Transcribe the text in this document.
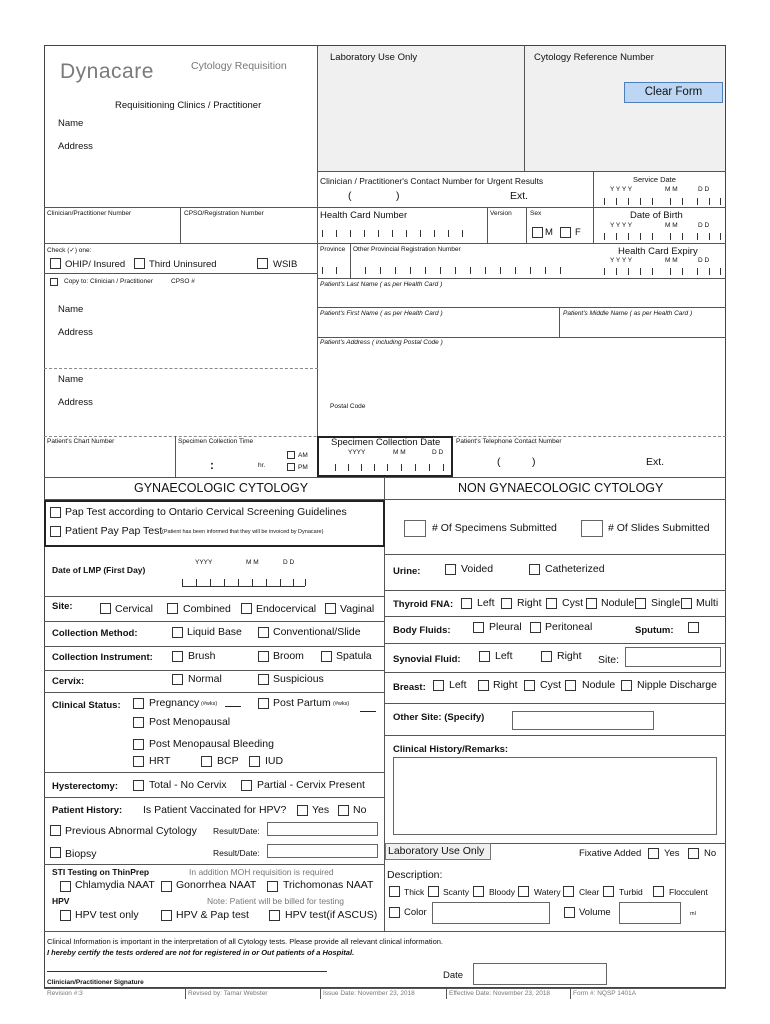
Dynacare	Cytology Requisition
Requisitioning Clinics / Practitioner
Name
Address
Laboratory Use Only	Cytology Reference Number
Clear Form
Clinician / Practitioner's Contact Number for Urgent Results
(	)	Ext.
Service Date
Y Y Y Y	M M	D D
Clinician/Practitioner Number	CPSO/Registration Number	Health Card Number	Version	Sex
M F
Date of Birth
Y Y Y Y	M M	D D
Check (✓) one:
OHIP/ Insured	Third Uninsured	WSIB
Province Other Provincial Registration Number	Health Card Expiry
Y Y Y Y	M M	D D
Copy to: Clinician / Practitioner	CPSO #	Patient's Last Name ( as per Health Card )
Name
Address
Patient's First Name ( as per Health Card )	Patient's Middle Name ( as per Health Card )
Patient's Address ( including Postal Code )
Postal Code
Name
Address
Patient's Chart Number	Specimen Collection Time
:	hr.
AM
PM
Specimen Collection Date
YYYY	M M	D D
Patient's Telephone Contact Number
(	)	Ext.
GYNAECOLOGIC CYTOLOGY	NON GYNAECOLOGIC CYTOLOGY
Pap Test according to Ontario Cervical Screening Guidelines
Patient Pay Pap Test (Patient has been informed that they will be invoiced by Dynacare)
Date of LMP (First Day)
YYYY	M M	D D
Site:	Cervical	Combined Endocervical Vaginal
Collection Method:	Liquid Base	Conventional/Slide
Collection Instrument:	Brush	Broom	Spatula
Cervix:	Normal	Suspicious
Clinical Status:	Pregnancy (#wks)	Post Partum (#wks)
Post Menopausal
Post Menopausal Bleeding
HRT	BCP	IUD
Hysterectomy:	Total - No Cervix	Partial - Cervix Present
Patient History: Is Patient Vaccinated for HPV? Yes No
Previous Abnormal Cytology Result/Date:
Biopsy	Result/Date:
STI Testing on ThinPrep	In addition MOH requisition is required
Chlamydia NAAT Gonorrhea NAAT	Trichomonas NAAT
HPV	Note: Patient will be billed for testing
HPV test only	HPV & Pap test	HPV test(if ASCUS)
# Of Specimens Submitted	# Of Slides Submitted
Urine:	Voided	Catheterized
Thyroid FNA: Left Right Cyst Nodule Single Multi
Body Fluids:	Pleural Peritoneal	Sputum:
Synovial Fluid:	Left	Right Site:
Breast: Left	Right Cyst Nodule Nipple Discharge
Other Site: (Specify)
Clinical History/Remarks:
Laboratory Use Only	Fixative Added Yes	No
Description:
Thick Scanty Bloody Watery Clear Turbid	Flocculent
Color	Volume	ml
Clinical Information is important in the interpretation of all Cytology tests. Please provide all relevant clinical information.
I hereby certify the tests ordered are not for registered in or Out patients of a Hospital.
Clinician/Practitioner Signature
Date
Revision #:3	Revised by: Tamar Webster	Issue Date: November 23, 2018	Effective Date: November 23, 2018	Form #: NQSP 1401A
